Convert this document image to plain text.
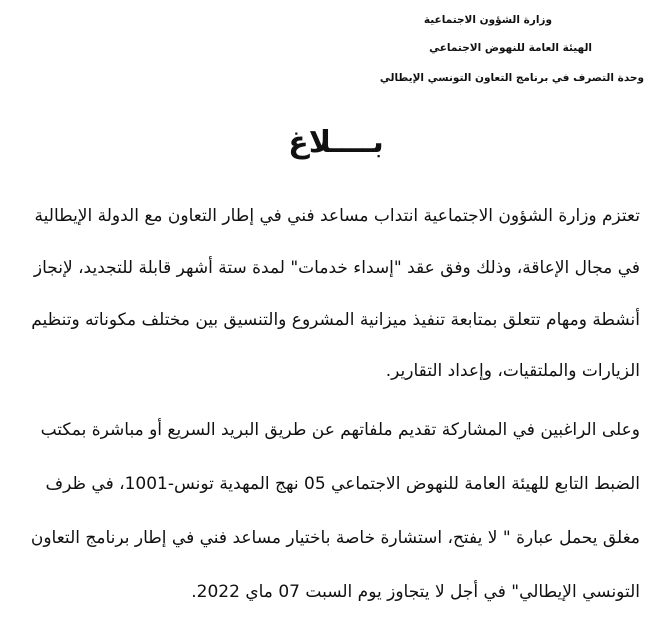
وزارة الشؤون الاجتماعية
الهيئة العامة للنهوض الاجتماعي
وحدة التصرف في برنامج التعاون التونسي الإيطالي
بــــلاغ
تعتزم وزارة الشؤون الاجتماعية انتداب مساعد فني في إطار التعاون مع الدولة الإيطالية
في مجال الإعاقة، وذلك وفق عقد "إسداء خدمات" لمدة ستة أشهر قابلة للتجديد، لإنجاز
أنشطة ومهام تتعلق بمتابعة تنفيذ ميزانية المشروع والتنسيق بين مختلف مكوناته وتنظيم
الزيارات والملتقيات، وإعداد التقارير.
وعلى الراغبين في المشاركة تقديم ملفاتهم عن طريق البريد السريع أو مباشرة بمكتب
الضبط التابع للهيئة العامة للنهوض الاجتماعي 05 نهج المهدية تونس-1001، في ظرف
مغلق يحمل عبارة " لا يفتح، استشارة خاصة باختيار مساعد فني في إطار برنامج التعاون
التونسي الإيطالي" في أجل لا يتجاوز يوم السبت 07 ماي 2022.
